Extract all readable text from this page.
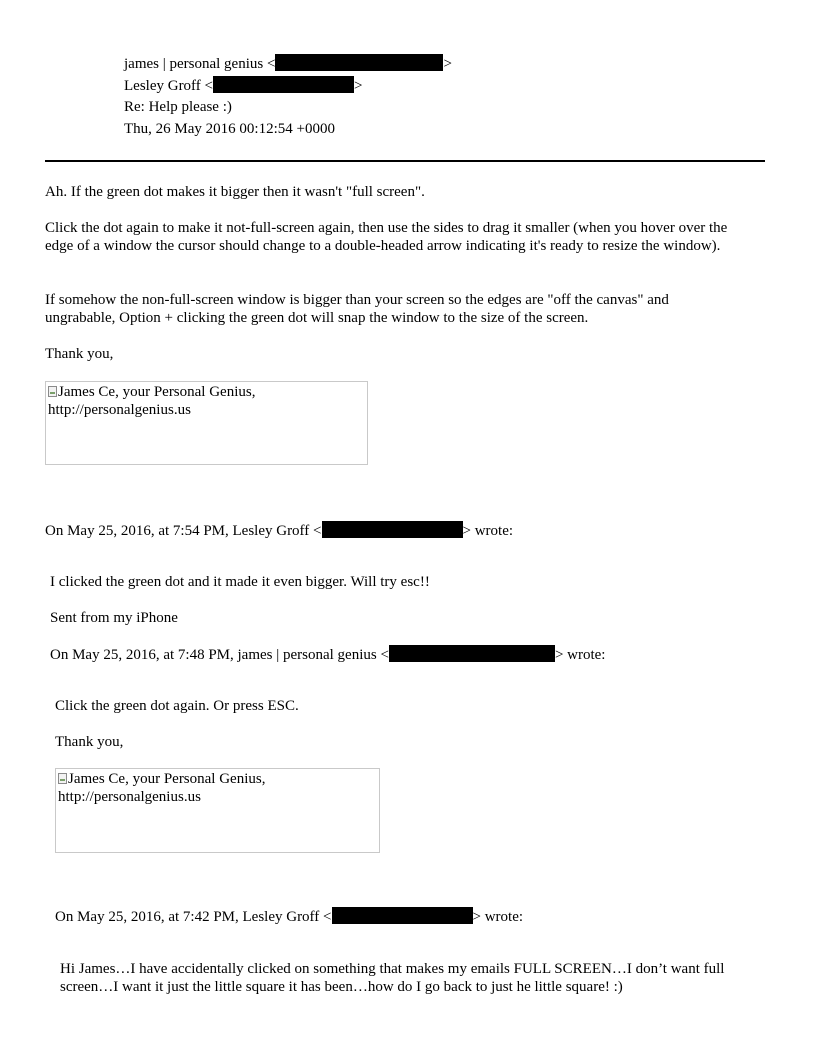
james | personal genius <	>
Lesley Groff <	>
Re: Help please :)
Thu, 26 May 2016 00:12:54 +0000

Ah. If the green dot makes it bigger then it wasn't "full screen".

Click the dot again to make it not-full-screen again, then use the sides to drag it smaller (when you hover over the edge of a window the cursor should change to a double-headed arrow indicating it's ready to resize the window).

If somehow the non-full-screen window is bigger than your screen so the edges are "off the canvas" and ungrabable, Option + clicking the green dot will snap the window to the size of the screen.

Thank you,

James Ce, your Personal Genius, http://personalgenius.us

On May 25, 2016, at 7:54 PM, Lesley Groff <	> wrote:

I clicked the green dot and it made it even bigger. Will try esc!!

Sent from my iPhone

On May 25, 2016, at 7:48 PM, james | personal genius <	> wrote:

Click the green dot again. Or press ESC.

Thank you,

James Ce, your Personal Genius, http://personalgenius.us

On May 25, 2016, at 7:42 PM, Lesley Groff <	> wrote:

Hi James…I have accidentally clicked on something that makes my emails FULL SCREEN…I don’t want full screen…I want it just the little square it has been…how do I go back to just he little square! :)
